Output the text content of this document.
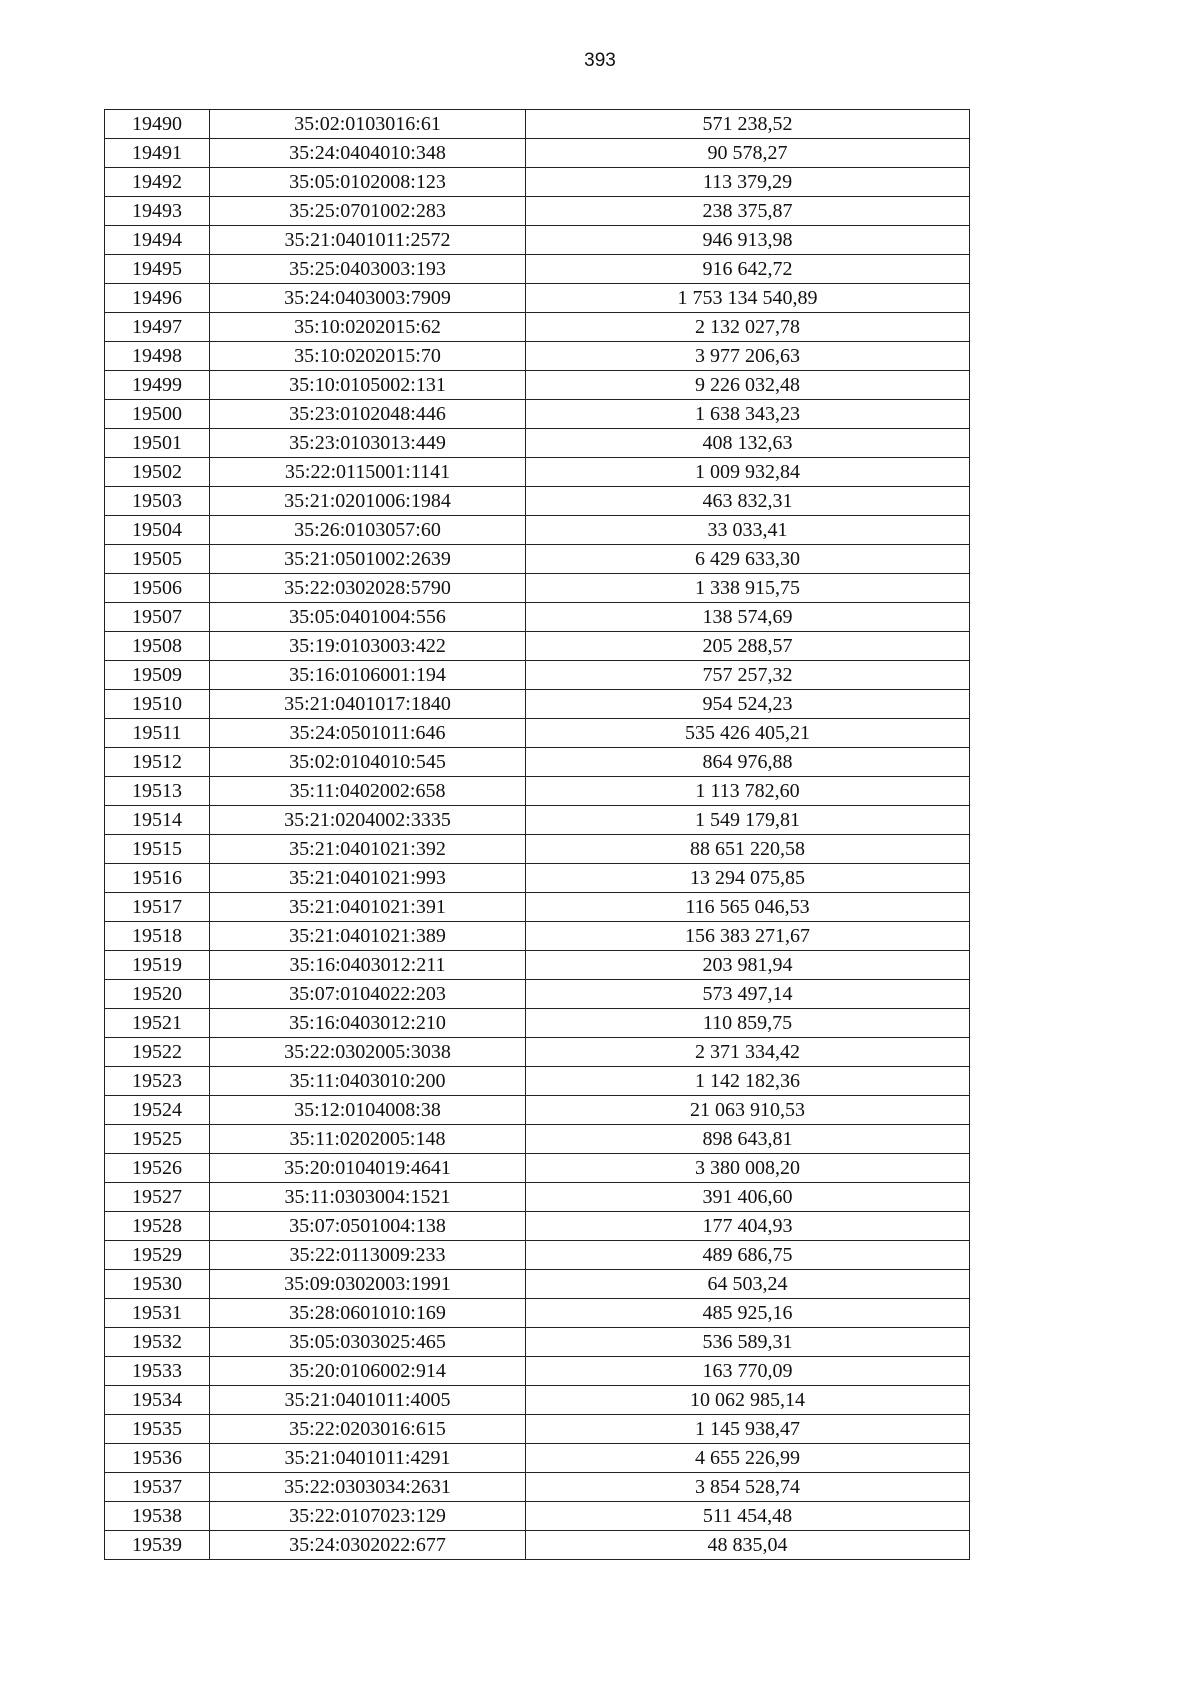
393
19490	35:02:0103016:61	571 238,52
19491	35:24:0404010:348	90 578,27
19492	35:05:0102008:123	113 379,29
19493	35:25:0701002:283	238 375,87
19494	35:21:0401011:2572	946 913,98
19495	35:25:0403003:193	916 642,72
19496	35:24:0403003:7909	1 753 134 540,89
19497	35:10:0202015:62	2 132 027,78
19498	35:10:0202015:70	3 977 206,63
19499	35:10:0105002:131	9 226 032,48
19500	35:23:0102048:446	1 638 343,23
19501	35:23:0103013:449	408 132,63
19502	35:22:0115001:1141	1 009 932,84
19503	35:21:0201006:1984	463 832,31
19504	35:26:0103057:60	33 033,41
19505	35:21:0501002:2639	6 429 633,30
19506	35:22:0302028:5790	1 338 915,75
19507	35:05:0401004:556	138 574,69
19508	35:19:0103003:422	205 288,57
19509	35:16:0106001:194	757 257,32
19510	35:21:0401017:1840	954 524,23
19511	35:24:0501011:646	535 426 405,21
19512	35:02:0104010:545	864 976,88
19513	35:11:0402002:658	1 113 782,60
19514	35:21:0204002:3335	1 549 179,81
19515	35:21:0401021:392	88 651 220,58
19516	35:21:0401021:993	13 294 075,85
19517	35:21:0401021:391	116 565 046,53
19518	35:21:0401021:389	156 383 271,67
19519	35:16:0403012:211	203 981,94
19520	35:07:0104022:203	573 497,14
19521	35:16:0403012:210	110 859,75
19522	35:22:0302005:3038	2 371 334,42
19523	35:11:0403010:200	1 142 182,36
19524	35:12:0104008:38	21 063 910,53
19525	35:11:0202005:148	898 643,81
19526	35:20:0104019:4641	3 380 008,20
19527	35:11:0303004:1521	391 406,60
19528	35:07:0501004:138	177 404,93
19529	35:22:0113009:233	489 686,75
19530	35:09:0302003:1991	64 503,24
19531	35:28:0601010:169	485 925,16
19532	35:05:0303025:465	536 589,31
19533	35:20:0106002:914	163 770,09
19534	35:21:0401011:4005	10 062 985,14
19535	35:22:0203016:615	1 145 938,47
19536	35:21:0401011:4291	4 655 226,99
19537	35:22:0303034:2631	3 854 528,74
19538	35:22:0107023:129	511 454,48
19539	35:24:0302022:677	48 835,04
